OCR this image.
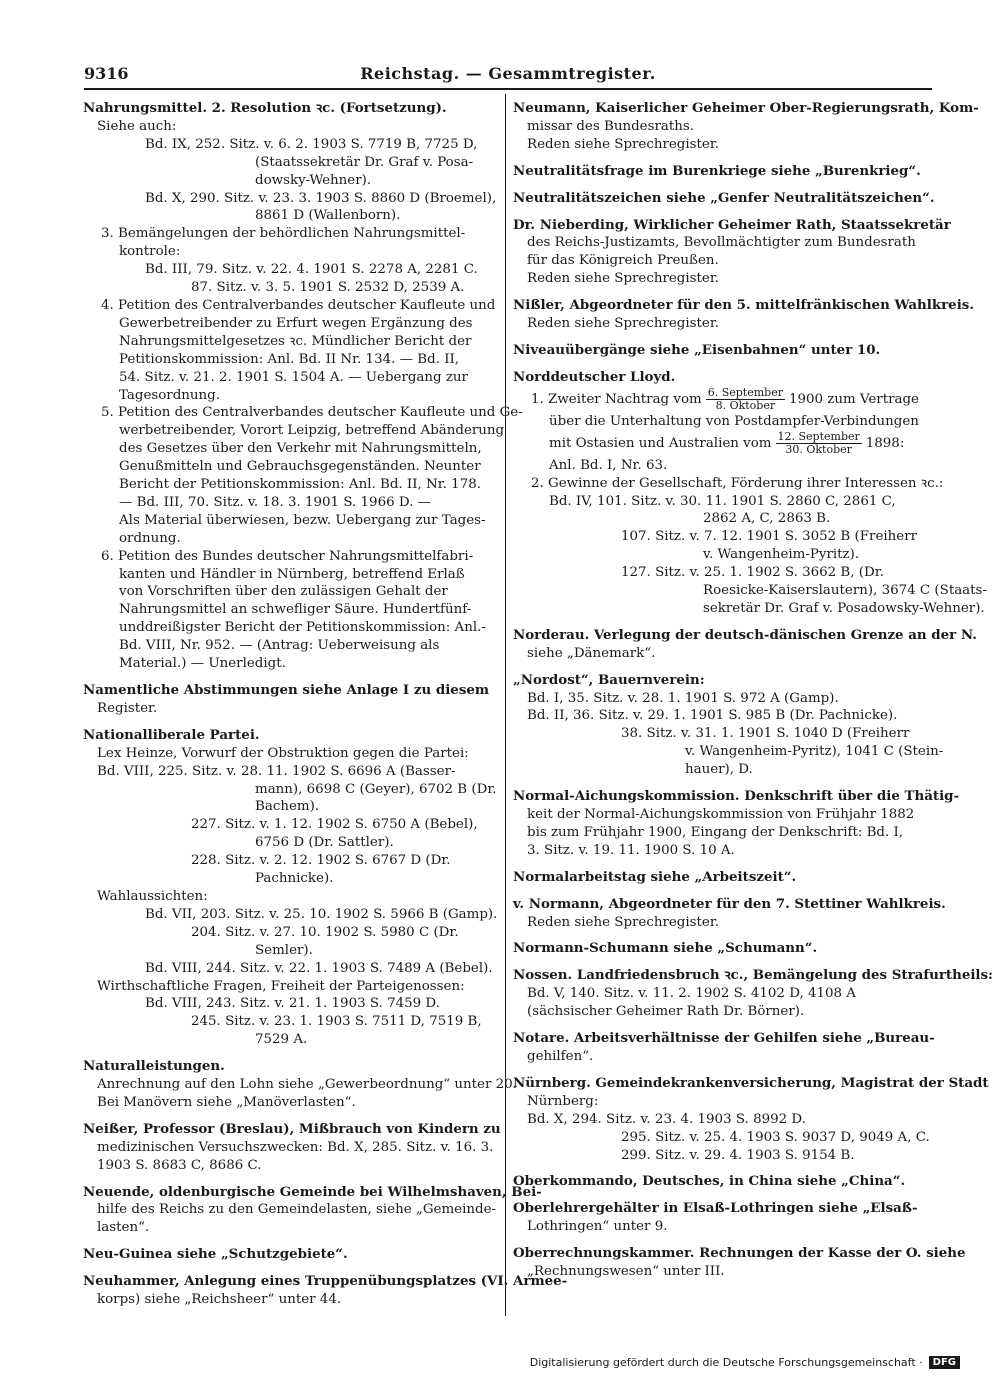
9316	Reichstag. — Gesammtregister.
Nahrungsmittel. 2. Resolution ꝛc. (Fortsetzung).
Siehe auch:
Bd. IX, 252. Sitz. v. 6. 2. 1903 S. 7719 B, 7725 D,
(Staatssekretär Dr. Graf v. Posa-
dowsky-Wehner).
Bd. X, 290. Sitz. v. 23. 3. 1903 S. 8860 D (Broemel),
8861 D (Wallenborn).
3. Bemängelungen der behördlichen Nahrungsmittel-
kontrole:
Bd. III, 79. Sitz. v. 22. 4. 1901 S. 2278 A, 2281 C.
87. Sitz. v. 3. 5. 1901 S. 2532 D, 2539 A.
4. Petition des Centralverbandes deutscher Kaufleute und
Gewerbetreibender zu Erfurt wegen Ergänzung des
Nahrungsmittelgesetzes ꝛc. Mündlicher Bericht der
Petitionskommission: Anl. Bd. II Nr. 134. — Bd. II,
54. Sitz. v. 21. 2. 1901 S. 1504 A. — Uebergang zur
Tagesordnung.
5. Petition des Centralverbandes deutscher Kaufleute und Ge-
werbetreibender, Vorort Leipzig, betreffend Abänderung
des Gesetzes über den Verkehr mit Nahrungsmitteln,
Genußmitteln und Gebrauchsgegenständen. Neunter
Bericht der Petitionskommission: Anl. Bd. II, Nr. 178.
— Bd. III, 70. Sitz. v. 18. 3. 1901 S. 1966 D. —
Als Material überwiesen, bezw. Uebergang zur Tages-
ordnung.
6. Petition des Bundes deutscher Nahrungsmittelfabri-
kanten und Händler in Nürnberg, betreffend Erlaß
von Vorschriften über den zulässigen Gehalt der
Nahrungsmittel an schwefliger Säure. Hundertfünf-
unddreißigster Bericht der Petitionskommission: Anl.-
Bd. VIII, Nr. 952. — (Antrag: Ueberweisung als
Material.) — Unerledigt.
Namentliche Abstimmungen siehe Anlage I zu diesem
Register.
Nationalliberale Partei.
Lex Heinze, Vorwurf der Obstruktion gegen die Partei:
Bd. VIII, 225. Sitz. v. 28. 11. 1902 S. 6696 A (Basser-
mann), 6698 C (Geyer), 6702 B (Dr.
Bachem).
227. Sitz. v. 1. 12. 1902 S. 6750 A (Bebel),
6756 D (Dr. Sattler).
228. Sitz. v. 2. 12. 1902 S. 6767 D (Dr.
Pachnicke).
Wahlaussichten:
Bd. VII, 203. Sitz. v. 25. 10. 1902 S. 5966 B (Gamp).
204. Sitz. v. 27. 10. 1902 S. 5980 C (Dr.
Semler).
Bd. VIII, 244. Sitz. v. 22. 1. 1903 S. 7489 A (Bebel).
Wirthschaftliche Fragen, Freiheit der Parteigenossen:
Bd. VIII, 243. Sitz. v. 21. 1. 1903 S. 7459 D.
245. Sitz. v. 23. 1. 1903 S. 7511 D, 7519 B,
7529 A.
Naturalleistungen.
Anrechnung auf den Lohn siehe „Gewerbeordnung“ unter 20.
Bei Manövern siehe „Manöverlasten“.
Neißer, Professor (Breslau), Mißbrauch von Kindern zu
medizinischen Versuchszwecken: Bd. X, 285. Sitz. v. 16. 3.
1903 S. 8683 C, 8686 C.
Neuende, oldenburgische Gemeinde bei Wilhelmshaven, Bei-
hilfe des Reichs zu den Gemeindelasten, siehe „Gemeinde-
lasten“.
Neu-Guinea siehe „Schutzgebiete“.
Neuhammer, Anlegung eines Truppenübungsplatzes (VI. Armee-
korps) siehe „Reichsheer“ unter 44.
Neumann, Kaiserlicher Geheimer Ober-Regierungsrath, Kom-
missar des Bundesraths.
Reden siehe Sprechregister.
Neutralitätsfrage im Burenkriege siehe „Burenkrieg“.
Neutralitätszeichen siehe „Genfer Neutralitätszeichen“.
Dr. Nieberding, Wirklicher Geheimer Rath, Staatssekretär
des Reichs-Justizamts, Bevollmächtigter zum Bundesrath
für das Königreich Preußen.
Reden siehe Sprechregister.
Nißler, Abgeordneter für den 5. mittelfränkischen Wahlkreis.
Reden siehe Sprechregister.
Niveauübergänge siehe „Eisenbahnen“ unter 10.
Norddeutscher Lloyd.
1. Zweiter Nachtrag vom $\frac{\text{6. September}}{\text{8. Oktober}} 1900$ zum Vertrage
über die Unterhaltung von Postdampfer-Verbindungen
mit Ostasien und Australien vom $\frac{\text{12. September}}{\text{30. Oktober}} 1898$:
Anl. Bd. I, Nr. 63.
2. Gewinne der Gesellschaft, Förderung ihrer Interessen ꝛc.:
Bd. IV, 101. Sitz. v. 30. 11. 1901 S. 2860 C, 2861 C,
2862 A, C, 2863 B.
107. Sitz. v. 7. 12. 1901 S. 3052 B (Freiherr
v. Wangenheim-Pyritz).
127. Sitz. v. 25. 1. 1902 S. 3662 B, (Dr.
Roesicke-Kaiserslautern), 3674 C (Staats-
sekretär Dr. Graf v. Posadowsky-Wehner).
Norderau. Verlegung der deutsch-dänischen Grenze an der N.
siehe „Dänemark“.
„Nordost“, Bauernverein:
Bd. I, 35. Sitz. v. 28. 1. 1901 S. 972 A (Gamp).
Bd. II, 36. Sitz. v. 29. 1. 1901 S. 985 B (Dr. Pachnicke).
38. Sitz. v. 31. 1. 1901 S. 1040 D (Freiherr
v. Wangenheim-Pyritz), 1041 C (Stein-
hauer), D.
Normal-Aichungskommission. Denkschrift über die Thätig-
keit der Normal-Aichungskommission von Frühjahr 1882
bis zum Frühjahr 1900, Eingang der Denkschrift: Bd. I,
3. Sitz. v. 19. 11. 1900 S. 10 A.
Normalarbeitstag siehe „Arbeitszeit“.
v. Normann, Abgeordneter für den 7. Stettiner Wahlkreis.
Reden siehe Sprechregister.
Normann-Schumann siehe „Schumann“.
Nossen. Landfriedensbruch ꝛc., Bemängelung des Strafurtheils:
Bd. V, 140. Sitz. v. 11. 2. 1902 S. 4102 D, 4108 A
(sächsischer Geheimer Rath Dr. Börner).
Notare. Arbeitsverhältnisse der Gehilfen siehe „Bureau-
gehilfen“.
Nürnberg. Gemeindekrankenversicherung, Magistrat der Stadt
Nürnberg:
Bd. X, 294. Sitz. v. 23. 4. 1903 S. 8992 D.
295. Sitz. v. 25. 4. 1903 S. 9037 D, 9049 A, C.
299. Sitz. v. 29. 4. 1903 S. 9154 B.
Oberkommando, Deutsches, in China siehe „China“.
Oberlehrergehälter in Elsaß-Lothringen siehe „Elsaß-
Lothringen“ unter 9.
Oberrechnungskammer. Rechnungen der Kasse der O. siehe
„Rechnungswesen“ unter III.
Digitalisierung gefördert durch die Deutsche Forschungsgemeinschaft ·	DFG
